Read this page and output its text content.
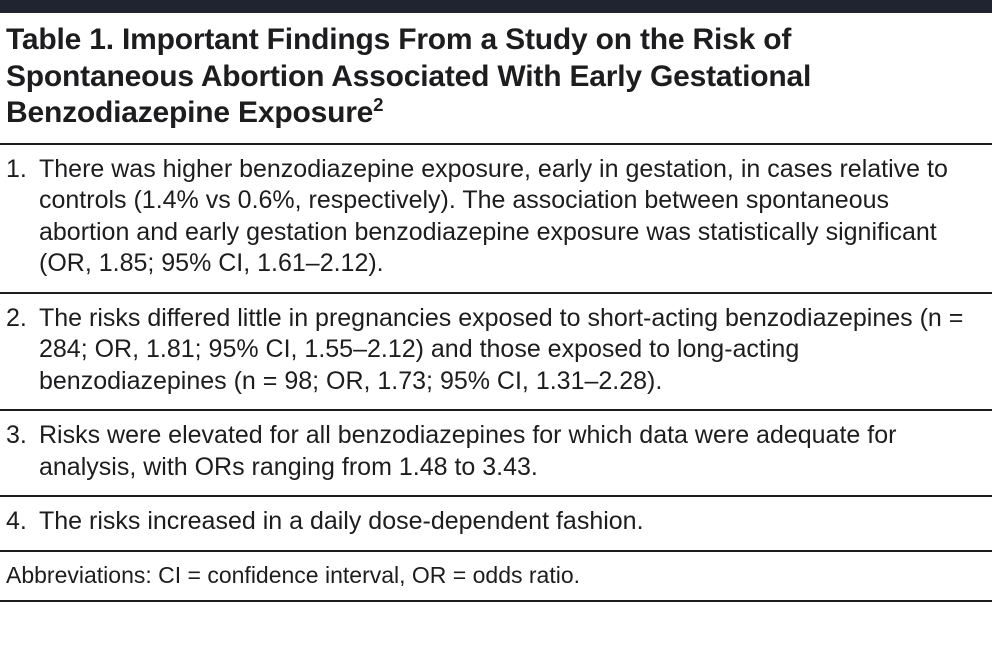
Table 1. Important Findings From a Study on the Risk of Spontaneous Abortion Associated With Early Gestational Benzodiazepine Exposure$^2$
1. There was higher benzodiazepine exposure, early in gestation, in cases relative to controls (1.4% vs 0.6%, respectively). The association between spontaneous abortion and early gestation benzodiazepine exposure was statistically significant (OR, 1.85; 95% CI, 1.61–2.12).
2. The risks differed little in pregnancies exposed to short-acting benzodiazepines (n = 284; OR, 1.81; 95% CI, 1.55–2.12) and those exposed to long-acting benzodiazepines (n = 98; OR, 1.73; 95% CI, 1.31–2.28).
3. Risks were elevated for all benzodiazepines for which data were adequate for analysis, with ORs ranging from 1.48 to 3.43.
4. The risks increased in a daily dose-dependent fashion.
Abbreviations: CI = confidence interval, OR = odds ratio.
